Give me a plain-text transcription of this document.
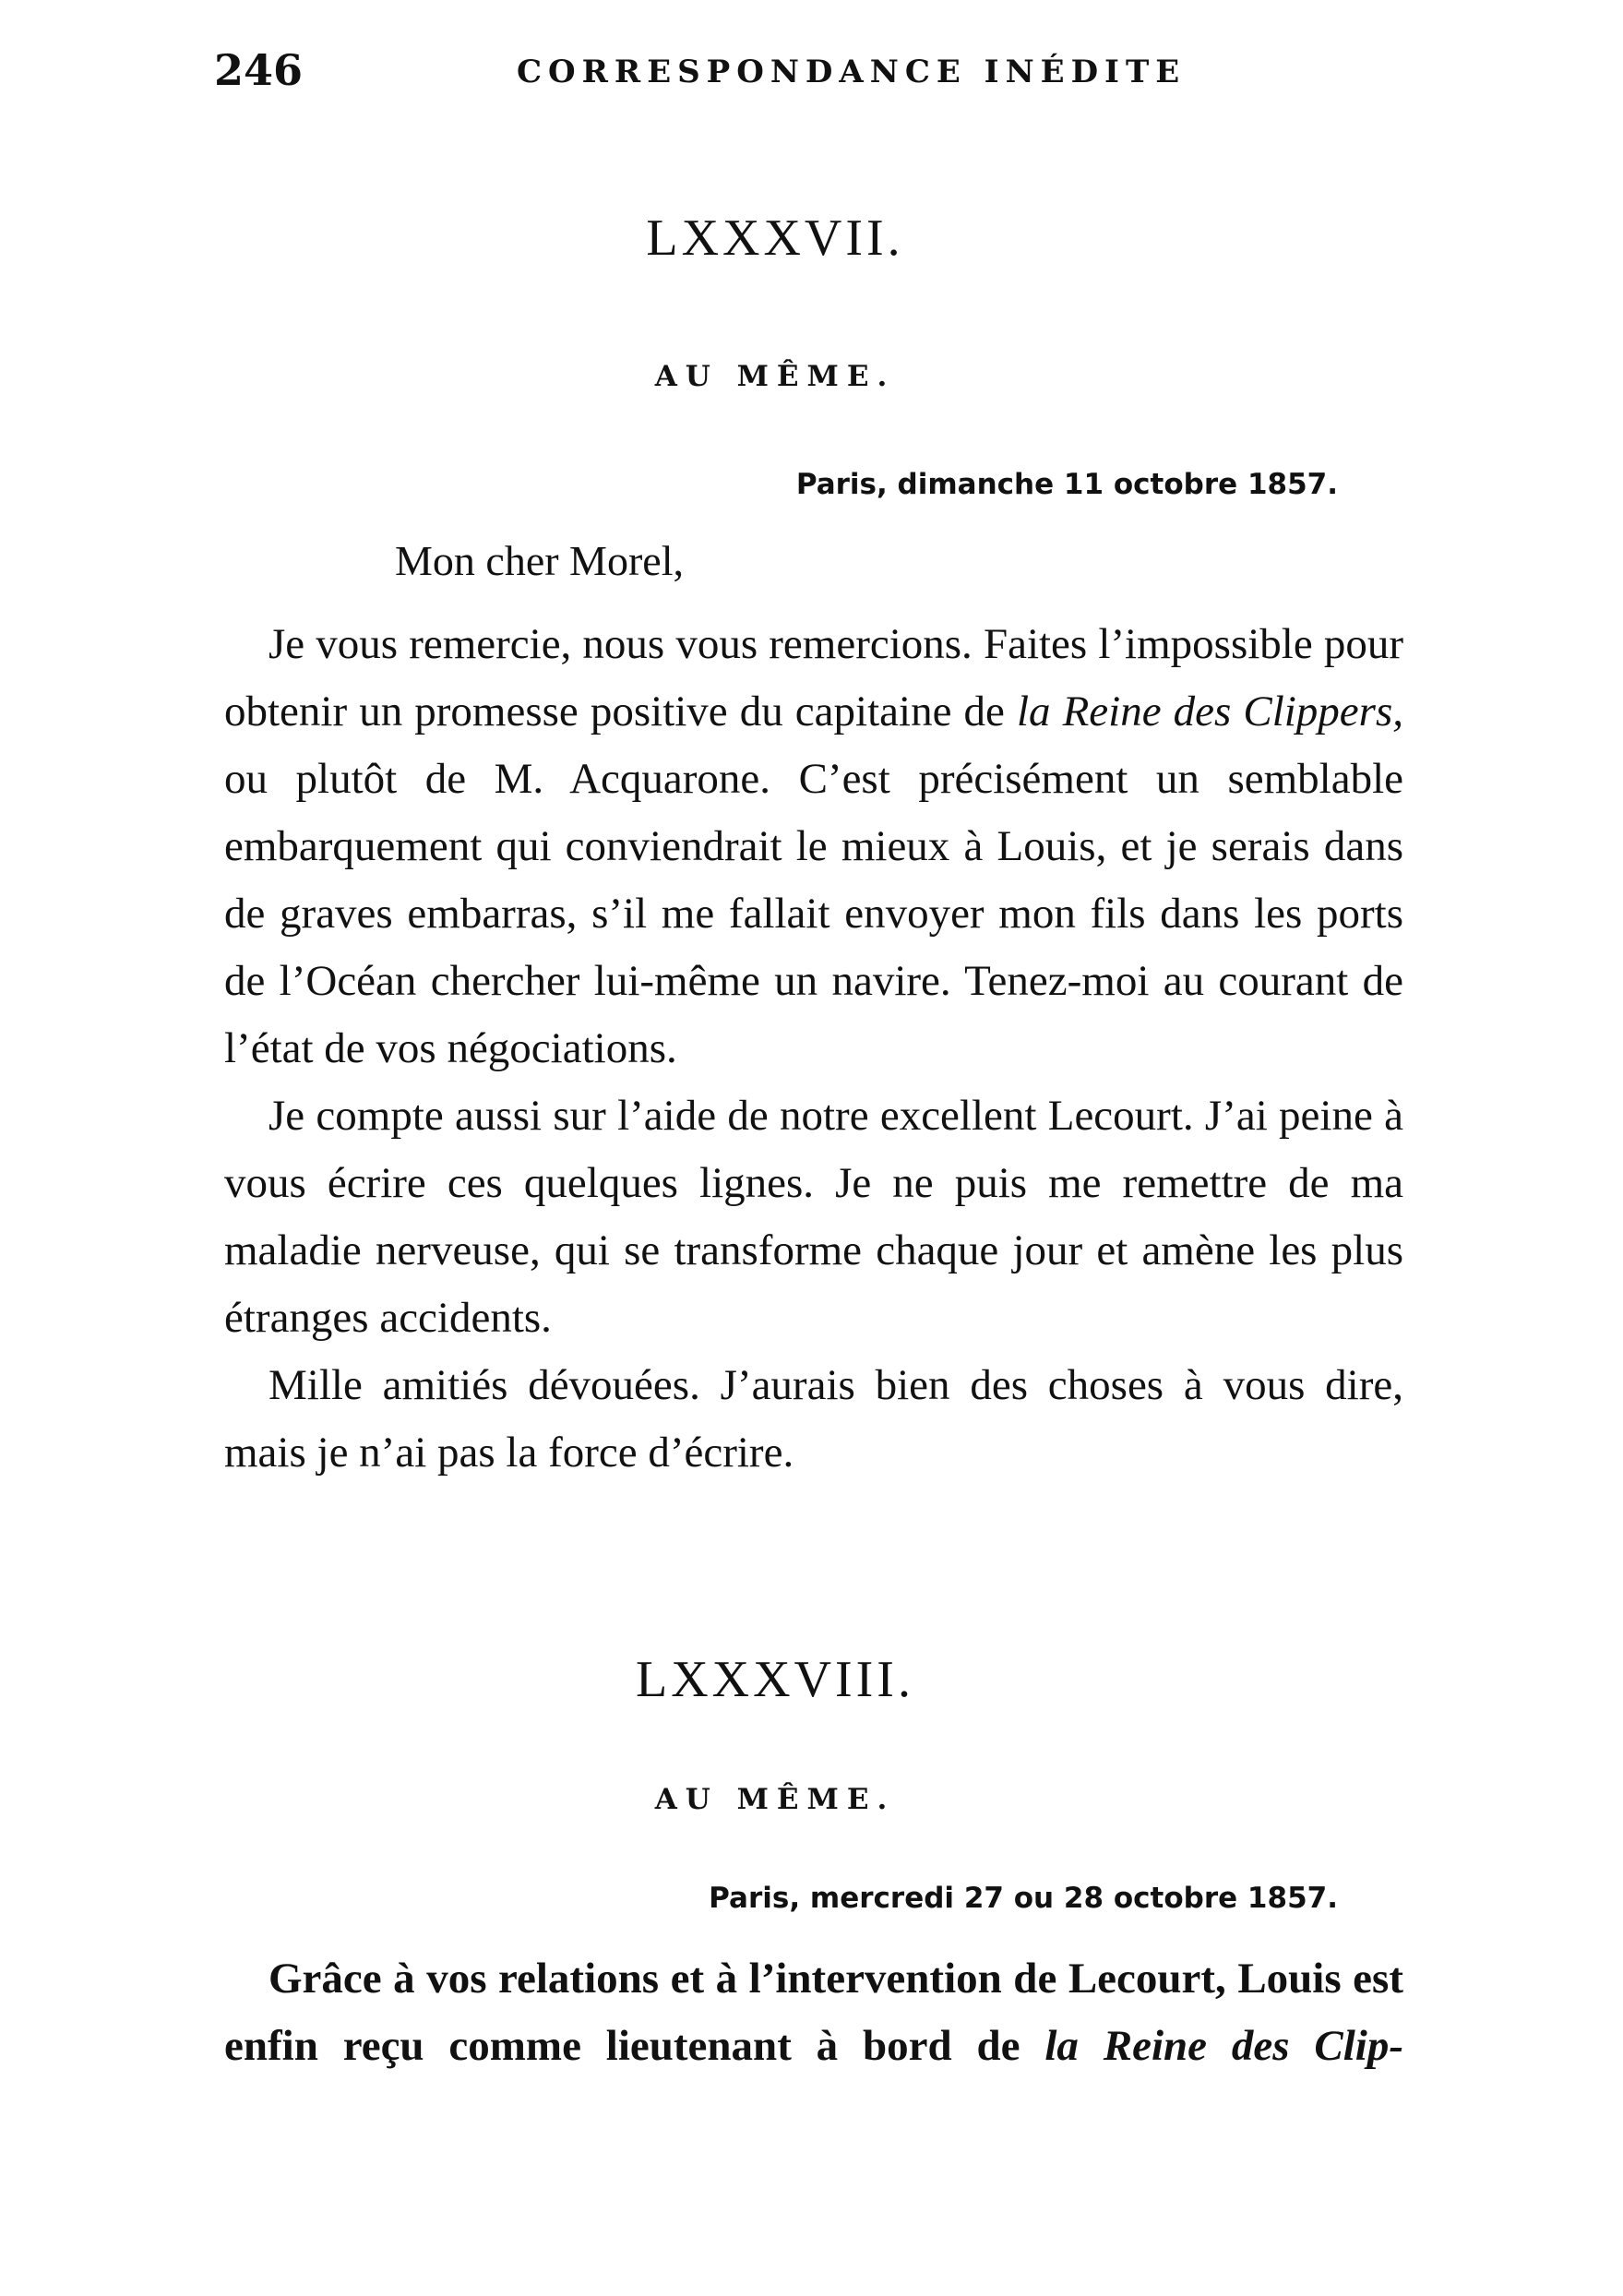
246	CORRESPONDANCE INÉDITE
LXXXVII.
AU MÊME.
Paris, dimanche 11 octobre 1857.
Mon cher Morel,

Je vous remercie, nous vous remercions. Faites l’impossible pour obtenir un promesse positive du capitaine de la Reine des Clippers, ou plutôt de M. Acquarone. C’est précisément un semblable embarquement qui conviendrait le mieux à Louis, et je serais dans de graves embarras, s’il me fallait envoyer mon fils dans les ports de l’Océan chercher lui-même un navire. Tenez-moi au courant de l’état de vos négociations.

Je compte aussi sur l’aide de notre excellent Lecourt. J’ai peine à vous écrire ces quelques lignes. Je ne puis me remettre de ma maladie nerveuse, qui se transforme chaque jour et amène les plus étranges accidents.

Mille amitiés dévouées. J’aurais bien des choses à vous dire, mais je n’ai pas la force d’écrire.

LXXXVIII.
AU MÊME.
Paris, mercredi 27 ou 28 octobre 1857.

Grâce à vos relations et à l’intervention de Lecourt, Louis est enfin reçu comme lieutenant à bord de la Reine des Clip-
